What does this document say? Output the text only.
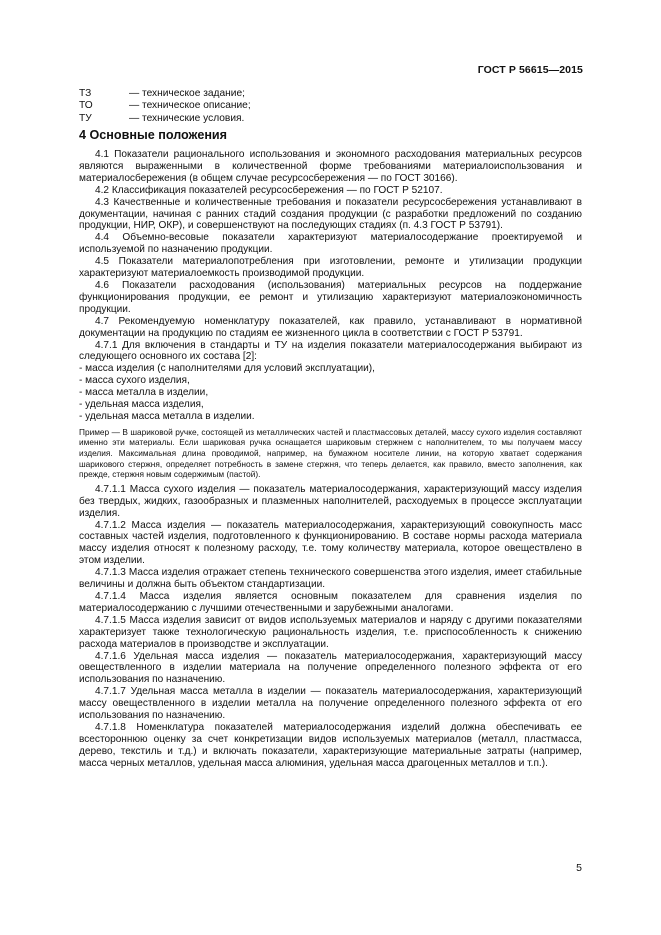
ГОСТ Р 56615—2015
ТЗ	— техническое задание;
ТО	— техническое описание;
ТУ	— технические условия.
4 Основные положения

4.1 Показатели рационального использования и экономного расходования материальных ресурсов являются выраженными в количественной форме требованиями материалоиспользования и материалосбережения (в общем случае ресурсосбережения — по ГОСТ 30166).

4.2 Классификация показателей ресурсосбережения — по ГОСТ Р 52107.

4.3 Качественные и количественные требования и показатели ресурсосбережения устанавливают в документации, начиная с ранних стадий создания продукции (с разработки предложений по созданию продукции, НИР, ОКР), и совершенствуют на последующих стадиях (п. 4.3 ГОСТ Р 53791).

4.4 Объемно-весовые показатели характеризуют материалосодержание проектируемой и используемой по назначению продукции.

4.5 Показатели материалопотребления при изготовлении, ремонте и утилизации продукции характеризуют материалоемкость производимой продукции.

4.6 Показатели расходования (использования) материальных ресурсов на поддержание функционирования продукции, ее ремонт и утилизацию характеризуют материалоэкономичность продукции.

4.7 Рекомендуемую номенклатуру показателей, как правило, устанавливают в нормативной документации на продукцию по стадиям ее жизненного цикла в соответствии с ГОСТ Р 53791.

4.7.1 Для включения в стандарты и ТУ на изделия показатели материалосодержания выбирают из следующего основного их состава [2]:

- масса изделия (с наполнителями для условий эксплуатации),

- масса сухого изделия,

- масса металла в изделии,

- удельная масса изделия,

- удельная масса металла в изделии.

Пример — В шариковой ручке, состоящей из металлических частей и пластмассовых деталей, массу сухого изделия составляют именно эти материалы. Если шариковая ручка оснащается шариковым стержнем с наполнителем, то мы получаем массу изделия. Максимальная длина проводимой, например, на бумажном носителе линии, на которую хватает содержания шарикового стержня, определяет потребность в замене стержня, что теперь делается, как правило, вместо заполнения, как прежде, стержня новым содержимым (пастой).

4.7.1.1 Масса сухого изделия — показатель материалосодержания, характеризующий массу изделия без твердых, жидких, газообразных и плазменных наполнителей, расходуемых в процессе эксплуатации изделия.

4.7.1.2 Масса изделия — показатель материалосодержания, характеризующий совокупность масс составных частей изделия, подготовленного к функционированию. В составе нормы расхода материала массу изделия относят к полезному расходу, т.е. тому количеству материала, которое овеществлено в этом изделии.

4.7.1.3 Масса изделия отражает степень технического совершенства этого изделия, имеет стабильные величины и должна быть объектом стандартизации.

4.7.1.4 Масса изделия является основным показателем для сравнения изделия по материалосодержанию с лучшими отечественными и зарубежными аналогами.

4.7.1.5 Масса изделия зависит от видов используемых материалов и наряду с другими показателями характеризует также технологическую рациональность изделия, т.е. приспособленность к снижению расхода материалов в производстве и эксплуатации.

4.7.1.6 Удельная масса изделия — показатель материалосодержания, характеризующий массу овеществленного в изделии материала на получение определенного полезного эффекта от его использования по назначению.

4.7.1.7 Удельная масса металла в изделии — показатель материалосодержания, характеризующий массу овеществленного в изделии металла на получение определенного полезного эффекта от его использования по назначению.

4.7.1.8 Номенклатура показателей материалосодержания изделий должна обеспечивать ее всестороннюю оценку за счет конкретизации видов используемых материалов (металл, пластмасса, дерево, текстиль и т.д.) и включать показатели, характеризующие материальные затраты (например, масса черных металлов, удельная масса алюминия, удельная масса драгоценных металлов и т.п.).

5
